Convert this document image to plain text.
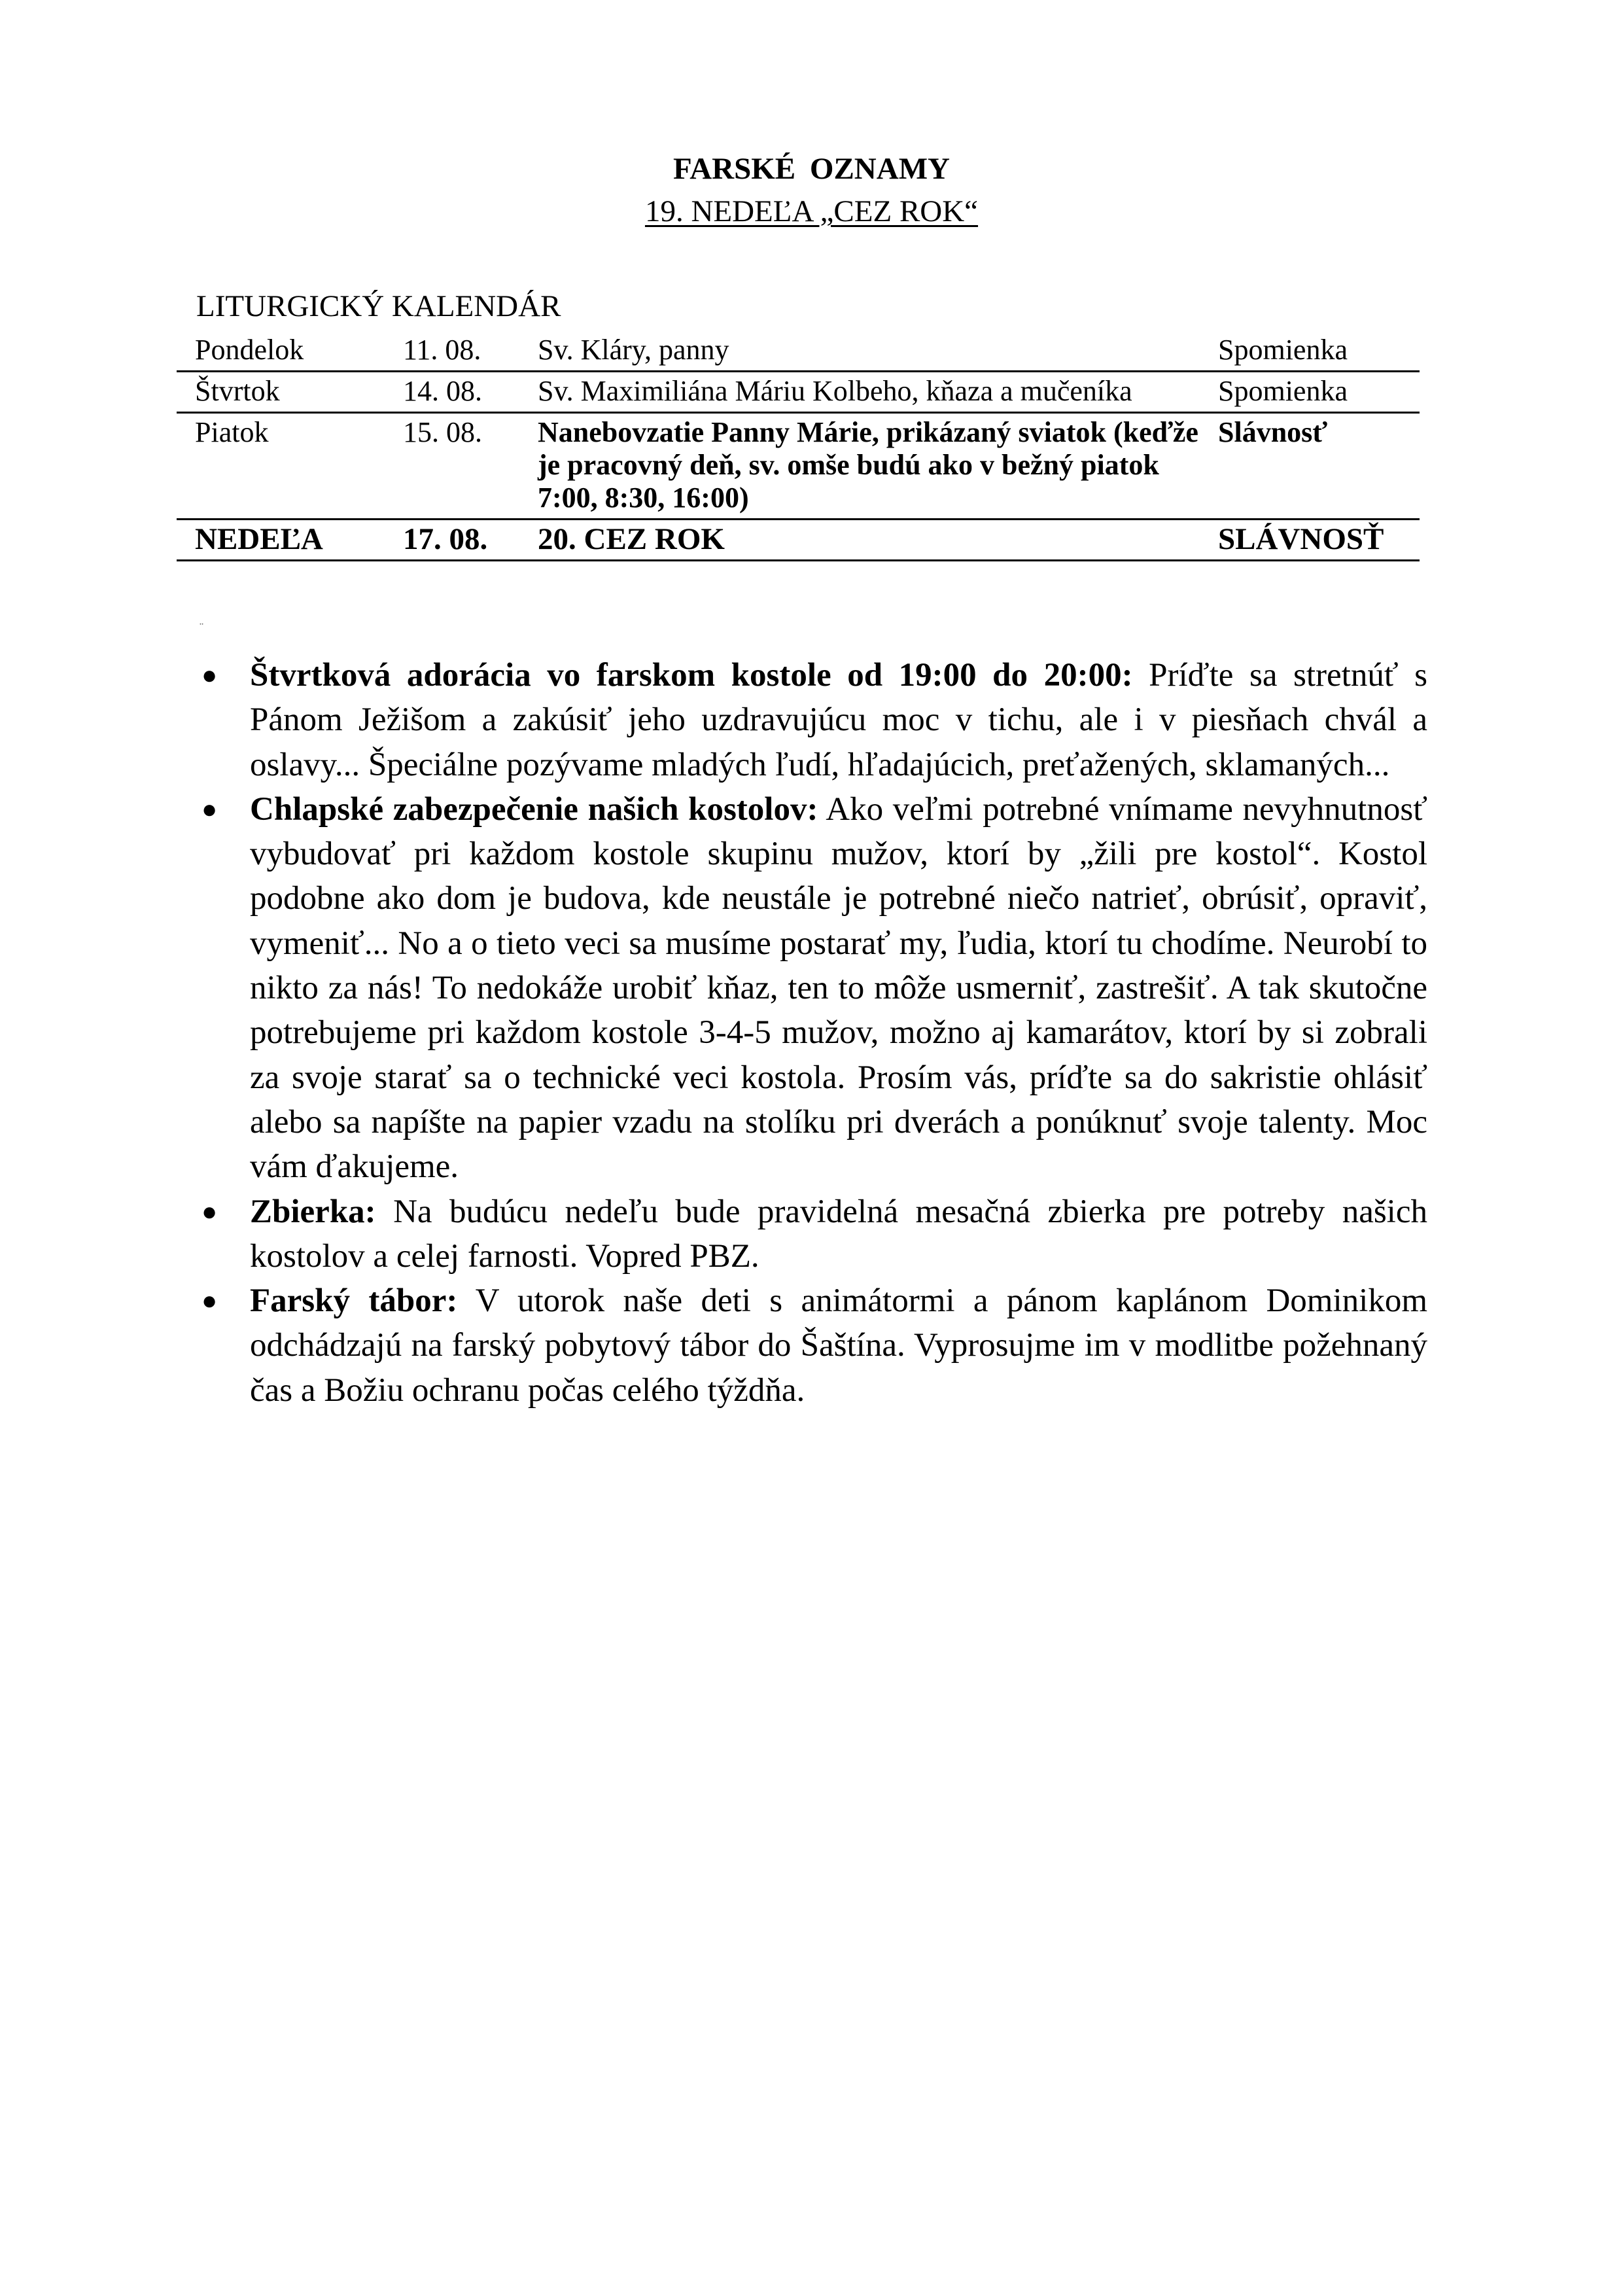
FARSKÉ OZNAMY
19. NEDEĽA „CEZ ROK“
LITURGICKÝ KALENDÁR
Pondelok	11. 08.	Sv. Kláry, panny	Spomienka
Štvrtok	14. 08.	Sv. Maximiliána Máriu Kolbeho, kňaza a mučeníka	Spomienka
Piatok	15. 08.	Nanebovzatie Panny Márie, prikázaný sviatok (keďže je pracovný deň, sv. omše budú ako v bežný piatok 7:00, 8:30, 16:00)	Slávnosť
NEDEĽA	17. 08.	20. CEZ ROK	SLÁVNOSŤ
¨
● Štvrtková adorácia vo farskom kostole od 19:00 do 20:00: Príďte sa stretnúť s Pánom Ježišom a zakúsiť jeho uzdravujúcu moc v tichu, ale i v piesňach chvál a oslavy... Špeciálne pozývame mladých ľudí, hľadajúcich, preťažených, sklamaných...
● Chlapské zabezpečenie našich kostolov: Ako veľmi potrebné vnímame nevyhnutnosť vybudovať pri každom kostole skupinu mužov, ktorí by „žili pre kostol“. Kostol podobne ako dom je budova, kde neustále je potrebné niečo natrieť, obrúsiť, opraviť, vymeniť... No a o tieto veci sa musíme postarať my, ľudia, ktorí tu chodíme. Neurobí to nikto za nás! To nedokáže urobiť kňaz, ten to môže usmerniť, zastrešiť. A tak skutočne potrebujeme pri každom kostole 3-4-5 mužov, možno aj kamarátov, ktorí by si zobrali za svoje starať sa o technické veci kostola. Prosím vás, príďte sa do sakristie ohlásiť alebo sa napíšte na papier vzadu na stolíku pri dverách a ponúknuť svoje talenty. Moc vám ďakujeme.
● Zbierka: Na budúcu nedeľu bude pravidelná mesačná zbierka pre potreby našich kostolov a celej farnosti. Vopred PBZ.
● Farský tábor: V utorok naše deti s animátormi a pánom kaplánom Dominikom odchádzajú na farský pobytový tábor do Šaštína. Vyprosujme im v modlitbe požehnaný čas a Božiu ochranu počas celého týždňa.
